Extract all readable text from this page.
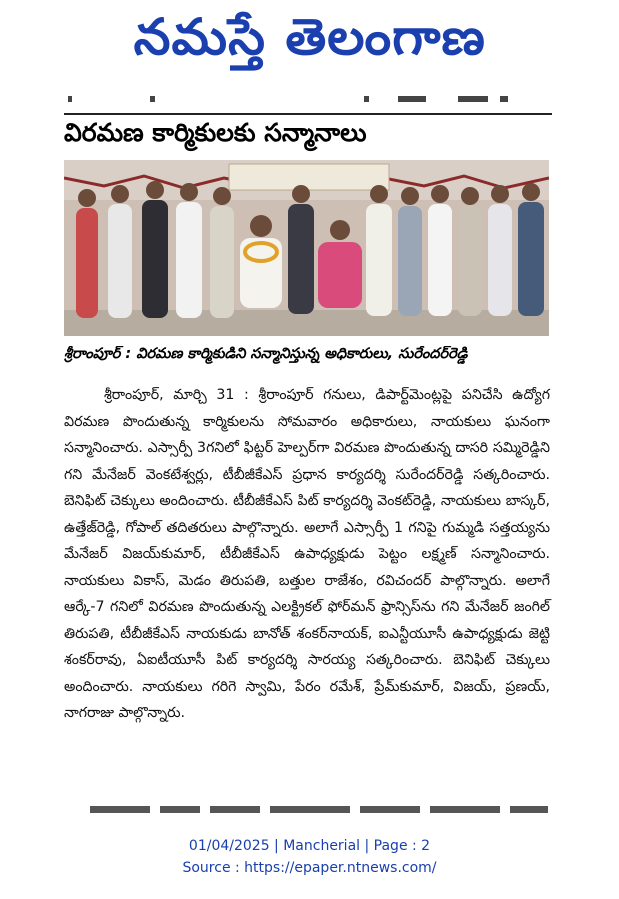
నమస్తే తెలంగాణ
విరమణ కార్మికులకు సన్మానాలు
శ్రీరాంపూర్ : విరమణ కార్మికుడిని సన్మానిస్తున్న అధికారులు, సురేందర్‌రెడ్డి

శ్రీరాంపూర్, మార్చి 31 : శ్రీరాంపూర్ గనులు, డిపార్ట్‌మెంట్లపై పనిచేసి ఉద్యోగ విరమణ పొందుతున్న కార్మికులను సోమవారం అధికారులు, నాయకులు ఘనంగా సన్మానించారు. ఎస్సార్పీ 3గనిలో ఫిట్టర్ హెల్పర్‌గా విరమణ పొందుతున్న దాసరి సమ్మిరెడ్డిని గని మేనేజర్ వెంకటేశ్వర్లు, టీబీజీకేఎస్ ప్రధాన కార్యదర్శి సురేందర్‌రెడ్డి సత్కరించారు. బెనిఫిట్ చెక్కులు అందించారు. టీబీజీకేఎస్ పిట్ కార్యదర్శి వెంకట్‌రెడ్డి, నాయకులు బాస్కర్, ఉత్తేజ్‌రెడ్డి, గోపాల్ తదితరులు పాల్గొన్నారు. అలాగే ఎస్సార్పీ 1 గనిపై గుమ్మడి సత్తయ్యను మేనేజర్ విజయ్‌కుమార్, టీబీజీకేఎస్ ఉపాధ్యక్షుడు పెట్టం లక్ష్మణ్ సన్మానించారు. నాయకులు వికాస్, మెడం తిరుపతి, బత్తుల రాజేశం, రవిచందర్ పాల్గొన్నారు. అలాగే ఆర్కే-7 గనిలో విరమణ పొందుతున్న ఎలక్ట్రికల్ ఫోర్‌మన్ ఫ్రాన్సిస్‌ను గని మేనేజర్ జంగిల్ తిరుపతి, టీబీజీకేఎస్ నాయకుడు బానోత్ శంకర్‌నాయక్, ఐఎన్టీయూసీ ఉపాధ్యక్షుడు జెట్టి శంకర్‌రావు, ఏఐటీయూసీ పిట్ కార్యదర్శి సారయ్య సత్కరించారు. బెనిఫిట్ చెక్కులు అందించారు. నాయకులు గరిగె స్వామి, పేరం రమేశ్, ప్రేమ్‌కుమార్, విజయ్, ప్రణయ్, నాగరాజు పాల్గొన్నారు.

01/04/2025 | Mancherial | Page : 2
Source : https://epaper.ntnews.com/
